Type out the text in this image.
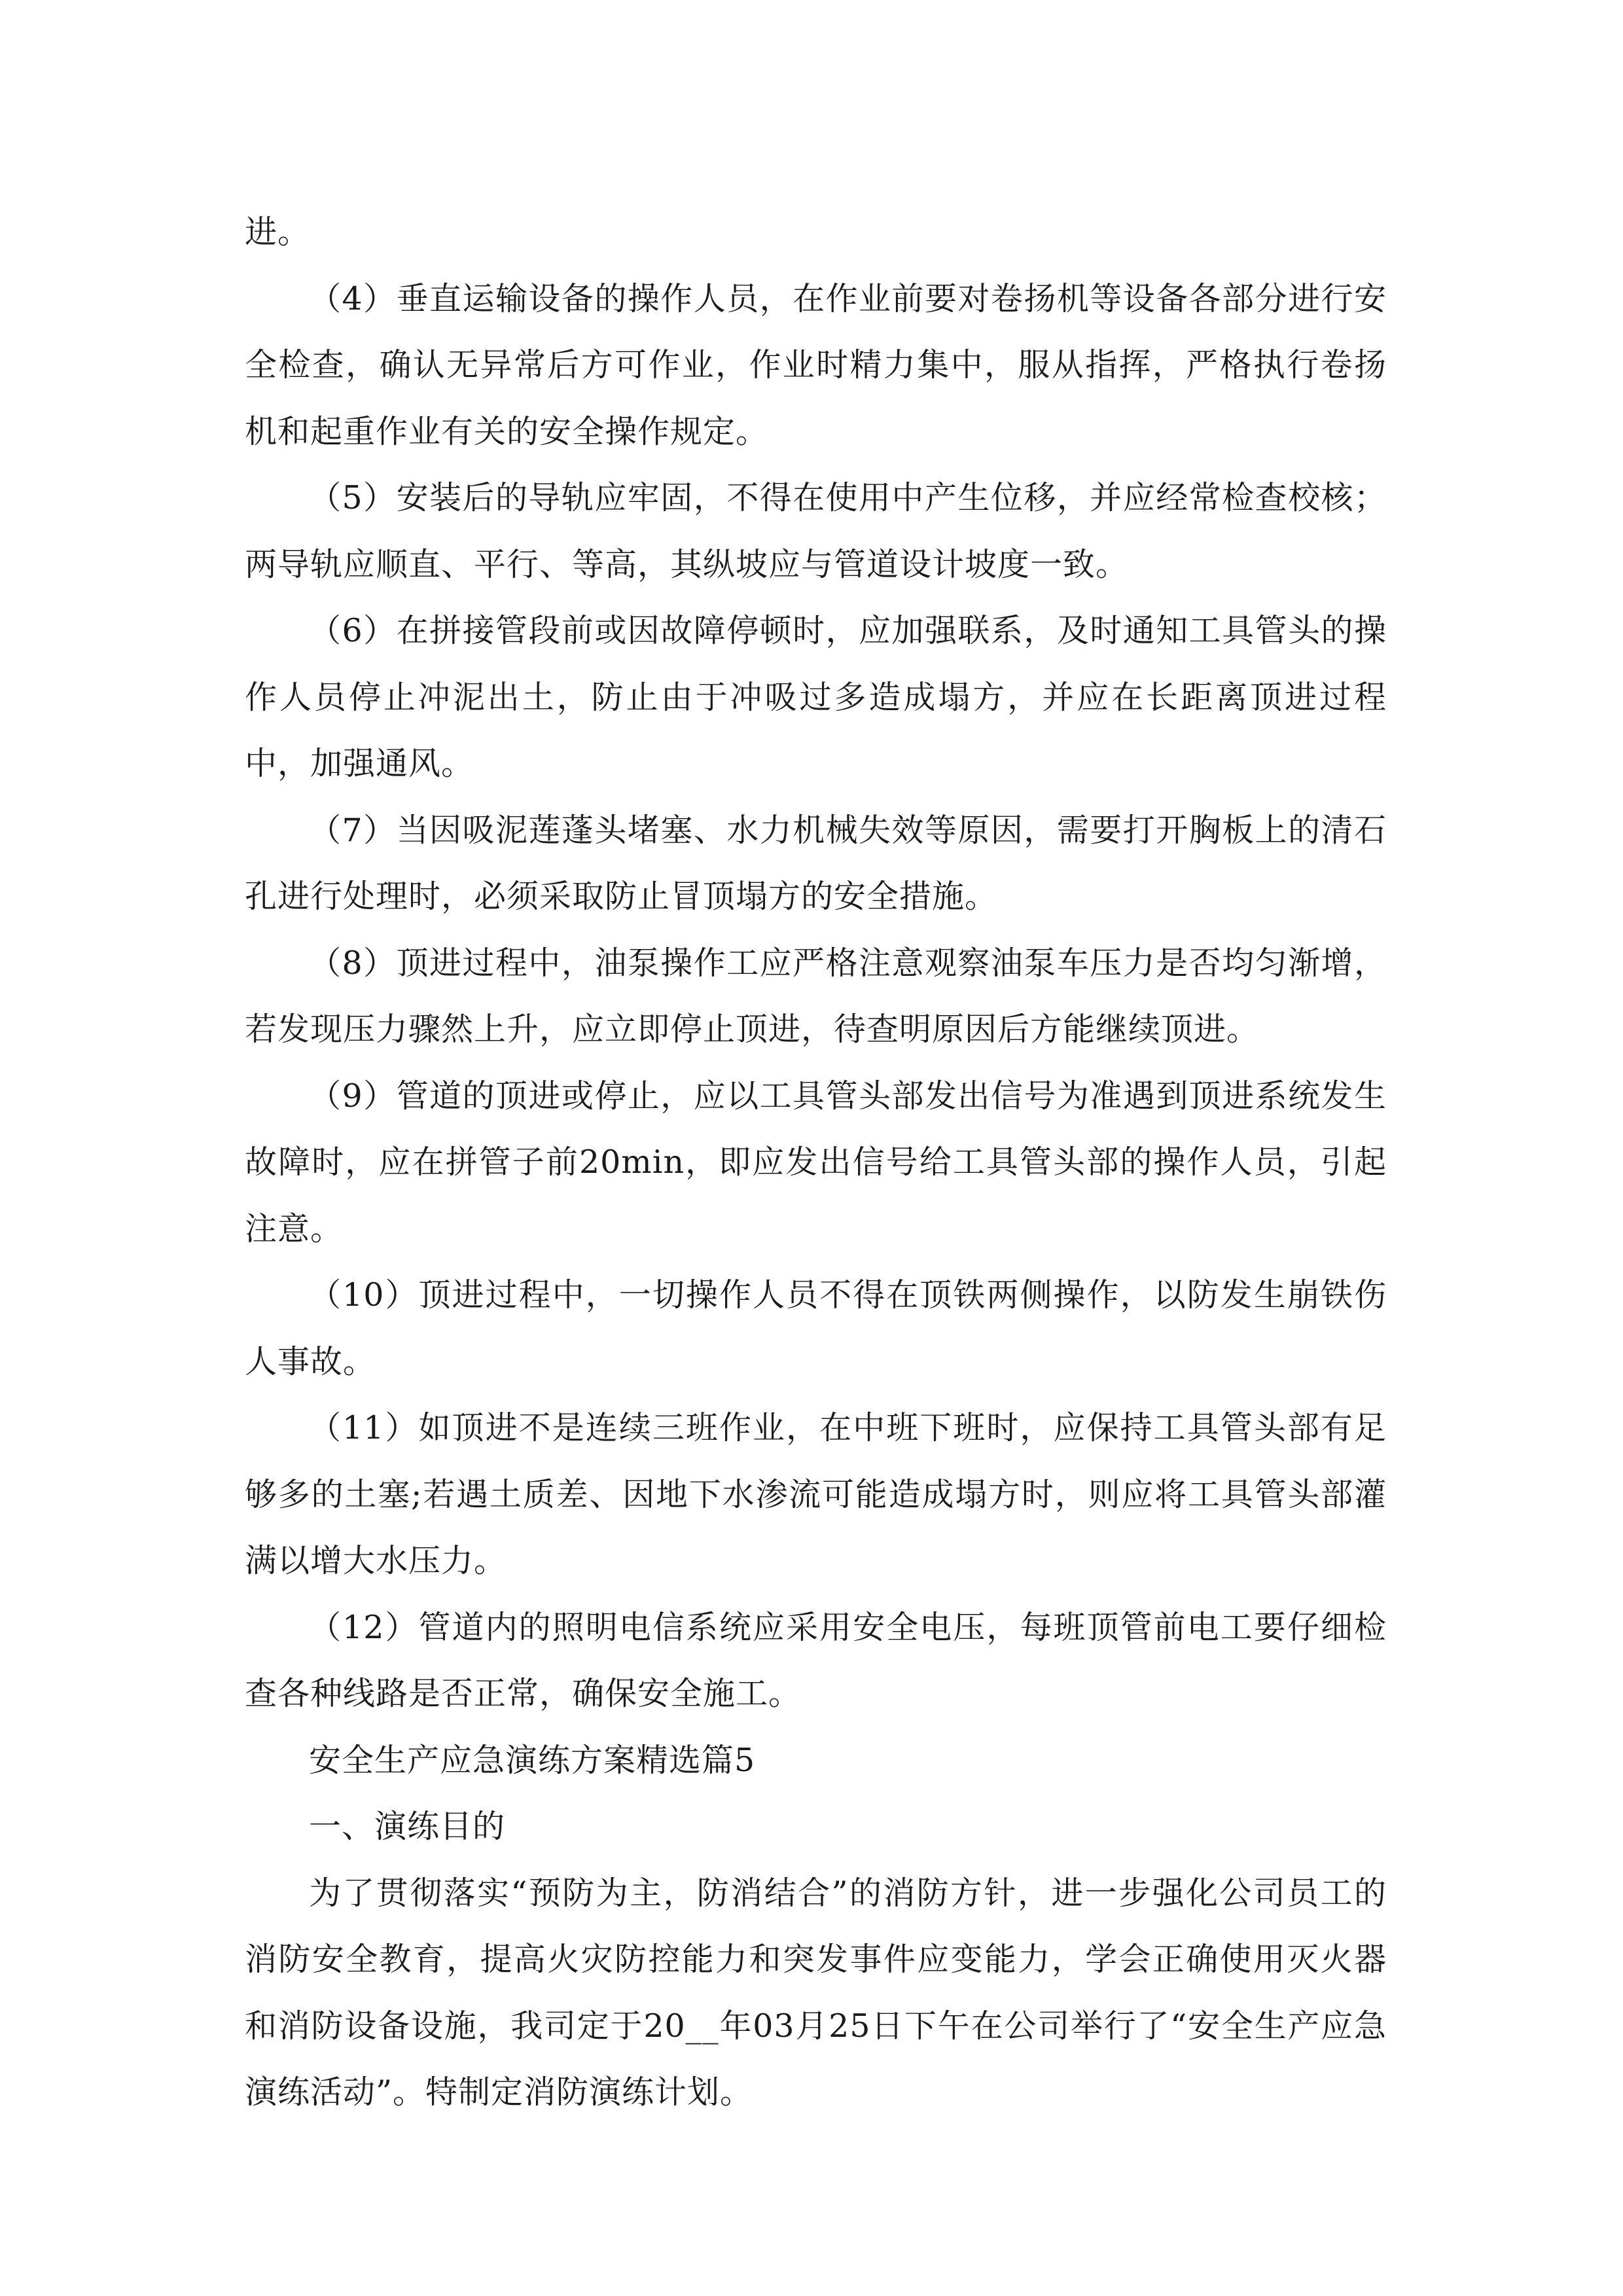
进。

（4）垂直运输设备的操作人员，在作业前要对卷扬机等设备各部分进行安全检查，确认无异常后方可作业，作业时精力集中，服从指挥，严格执行卷扬机和起重作业有关的安全操作规定。

（5）安装后的导轨应牢固，不得在使用中产生位移，并应经常检查校核；两导轨应顺直、平行、等高，其纵坡应与管道设计坡度一致。

（6）在拼接管段前或因故障停顿时，应加强联系，及时通知工具管头的操作人员停止冲泥出土，防止由于冲吸过多造成塌方，并应在长距离顶进过程中，加强通风。

（7）当因吸泥莲蓬头堵塞、水力机械失效等原因，需要打开胸板上的清石孔进行处理时，必须采取防止冒顶塌方的安全措施。

（8）顶进过程中，油泵操作工应严格注意观察油泵车压力是否均匀渐增，若发现压力骤然上升，应立即停止顶进，待查明原因后方能继续顶进。

（9）管道的顶进或停止，应以工具管头部发出信号为准遇到顶进系统发生故障时，应在拼管子前20min，即应发出信号给工具管头部的操作人员，引起注意。

（10）顶进过程中，一切操作人员不得在顶铁两侧操作，以防发生崩铁伤人事故。

（11）如顶进不是连续三班作业，在中班下班时，应保持工具管头部有足够多的土塞;若遇土质差、因地下水渗流可能造成塌方时，则应将工具管头部灌满以增大水压力。

（12）管道内的照明电信系统应采用安全电压，每班顶管前电工要仔细检查各种线路是否正常，确保安全施工。

安全生产应急演练方案精选篇5

一、演练目的

为了贯彻落实“预防为主，防消结合”的消防方针，进一步强化公司员工的消防安全教育，提高火灾防控能力和突发事件应变能力，学会正确使用灭火器和消防设备设施，我司定于20__年03月25日下午在公司举行了“安全生产应急演练活动”。特制定消防演练计划。
